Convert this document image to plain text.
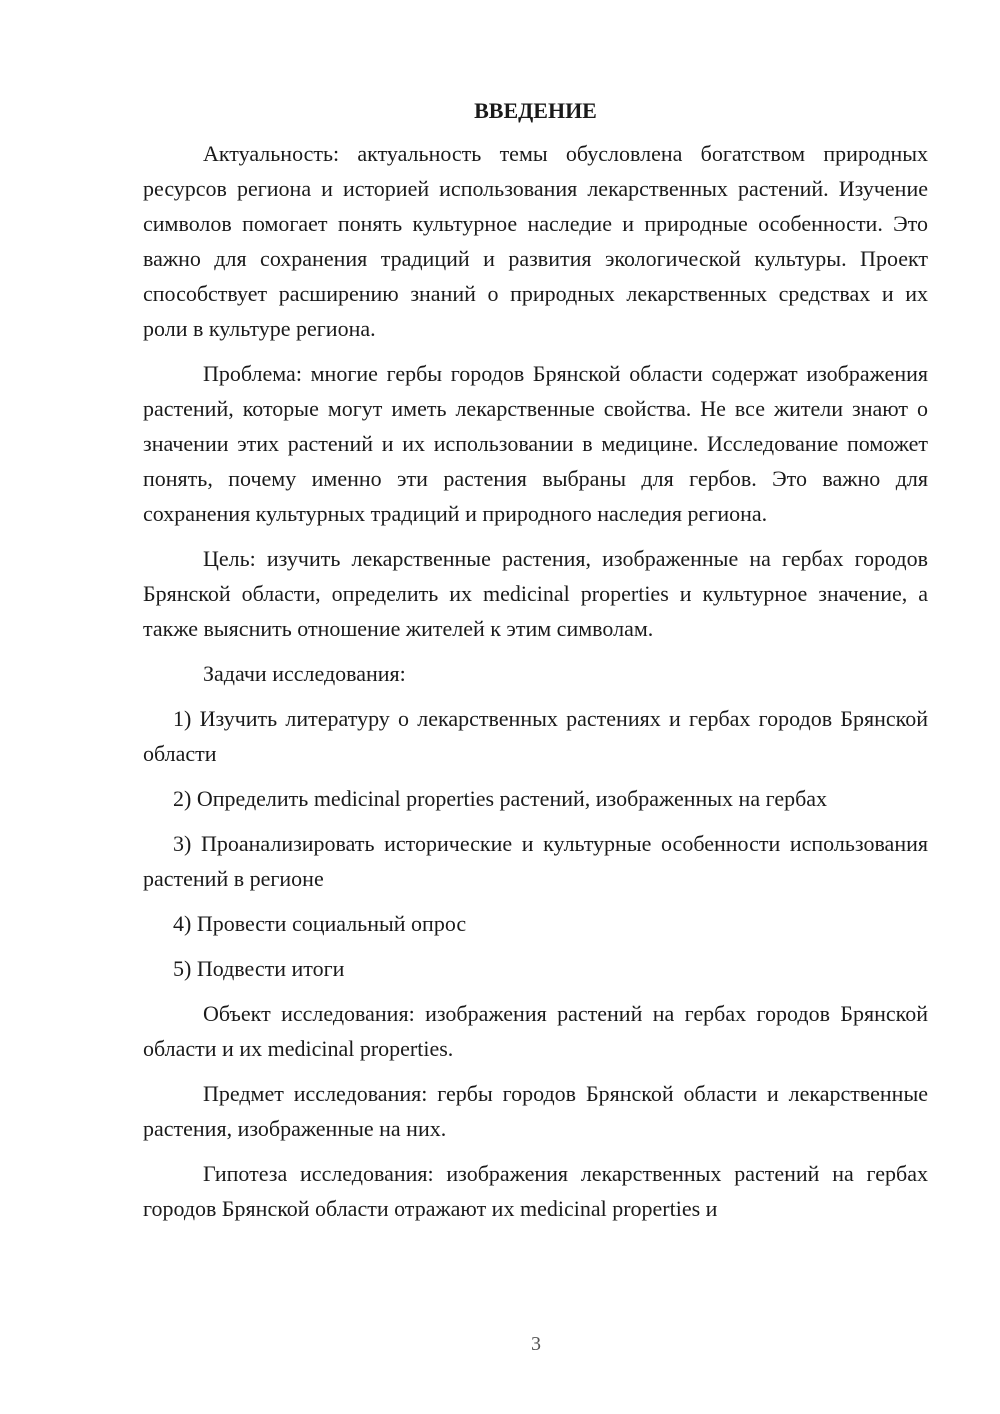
ВВЕДЕНИЕ

Актуальность: актуальность темы обусловлена богатством природных ресурсов региона и историей использования лекарственных растений. Изучение символов помогает понять культурное наследие и природные особенности. Это важно для сохранения традиций и развития экологической культуры. Проект способствует расширению знаний о природных лекарственных средствах и их роли в культуре региона.

Проблема: многие гербы городов Брянской области содержат изображения растений, которые могут иметь лекарственные свойства. Не все жители знают о значении этих растений и их использовании в медицине. Исследование поможет понять, почему именно эти растения выбраны для гербов. Это важно для сохранения культурных традиций и природного наследия региона.

Цель: изучить лекарственные растения, изображенные на гербах городов Брянской области, определить их medicinal properties и культурное значение, а также выяснить отношение жителей к этим символам.

Задачи исследования:

1) Изучить литературу о лекарственных растениях и гербах городов Брянской области

2) Определить medicinal properties растений, изображенных на гербах

3) Проанализировать исторические и культурные особенности использования растений в регионе

4) Провести социальный опрос

5) Подвести итоги

Объект исследования: изображения растений на гербах городов Брянской области и их medicinal properties.

Предмет исследования: гербы городов Брянской области и лекарственные растения, изображенные на них.

Гипотеза исследования: изображения лекарственных растений на гербах городов Брянской области отражают их medicinal properties и

3
